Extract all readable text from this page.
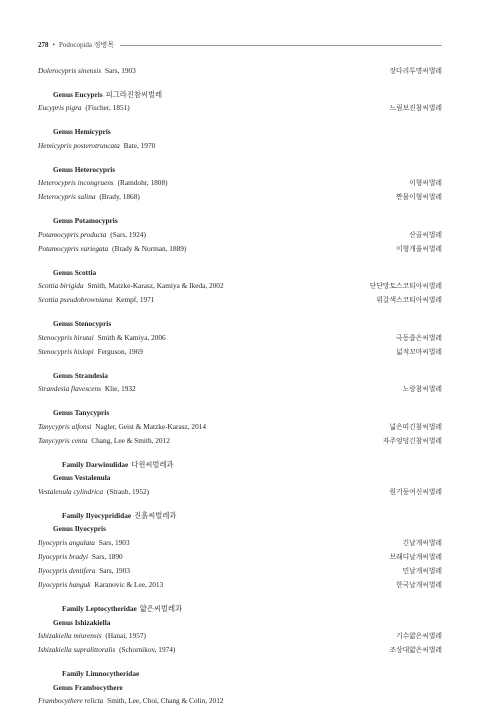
278 • Podocopida 정병목
Dolerocypris sinensis Sars, 1903	장다리투명씨벌레
Genus Eucypris 피그라진참씨벌레
Eucypris pigra (Fischer, 1851)	느림보진참씨벌레
Genus Hemicypris
Hemicypris posterotruncata Bate, 1970
Genus Heterocypris
Heterocypris incongruens (Ramdohr, 1808)	이형씨벌레
Heterocypris salina (Brady, 1868)	짠물이형씨벌레
Genus Potamocypris
Potamocypris producta (Sars, 1924)	산골씨벌레
Potamocypris variegata (Brady & Norman, 1889)	이형개울씨벌레
Genus Scottia
Scottia birigida Smith, Matzke-Karasz, Kamiya & Ikeda, 2002	단단망토스코티아씨벌레
Scottia pseudobrowniana Kempf, 1971	위갈색스코티아씨벌레
Genus Stenocypris
Stenocypris hirutai Smith & Kamiya, 2006	극동좁은씨벌레
Stenocypris hislopi Ferguson, 1969	넓적꼬마씨벌레
Genus Strandesia
Strandesia flavescens Klie, 1932	노랑참씨벌레
Genus Tanycypris
Tanycypris alfonsi Nagler, Geist & Matzke-Karasz, 2014	넓은띠긴참씨벌레
Tanycypris centa Chang, Lee & Smith, 2012	자주엉덩긴참씨벌레
Family Darwinulidae 다윈씨벌레과
Genus Vestalenula
Vestalenula cylindrica (Straub, 1952)	원기둥여신씨벌레
Family Ilyocyprididae 진흙씨벌레과
Genus Ilyocypris
Ilyocypris angulata Sars, 1903	긴날개씨벌레
Ilyocypris bradyi Sars, 1890	브래디날개씨벌레
Ilyocypris dentifera Sars, 1903	민날개씨벌레
Ilyocypris hanguk Karanovic & Lee, 2013	한국날개씨벌레
Family Leptocytheridae 얇은씨벌레과
Genus Ishizakiella
Ishizakiella miurensis (Hanai, 1957)	기수얇은씨벌레
Ishizakiella supralittoralis (Schornikov, 1974)	조상대얇은씨벌레
Family Limnocytheridae
Genus Frambocythere
Frambocythere relicta Smith, Lee, Choi, Chang & Colin, 2012
